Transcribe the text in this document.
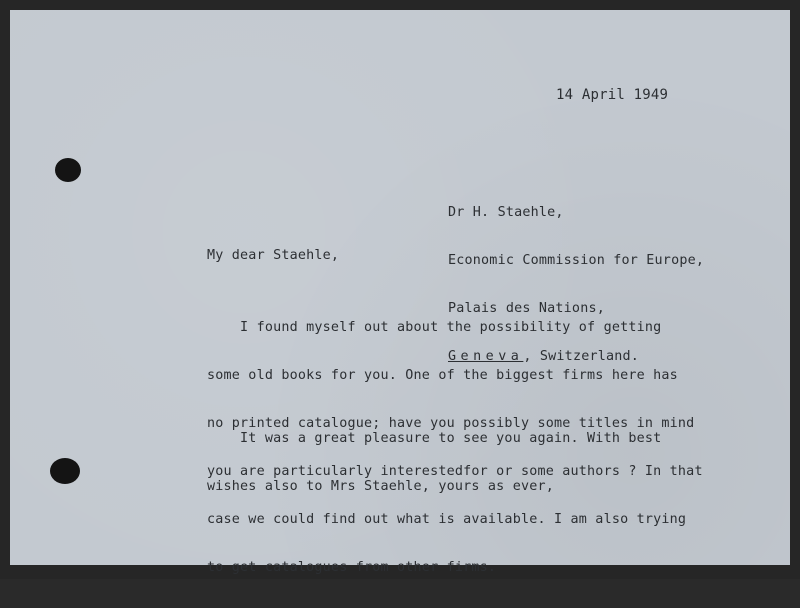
14 April 1949

Dr H. Staehle,

Economic Commission for Europe,

Palais des Nations,

Geneva, Switzerland.

My dear Staehle,

I found myself out about the possibility of getting

some old books for you. One of the biggest firms here has

no printed catalogue; have you possibly some titles in mind

you are particularly interestedfor or some authors ? In that

case we could find out what is available. I am also trying

to get catalogues from other firms.

It was a great pleasure to see you again. With best

wishes also to Mrs Staehle, yours as ever,
